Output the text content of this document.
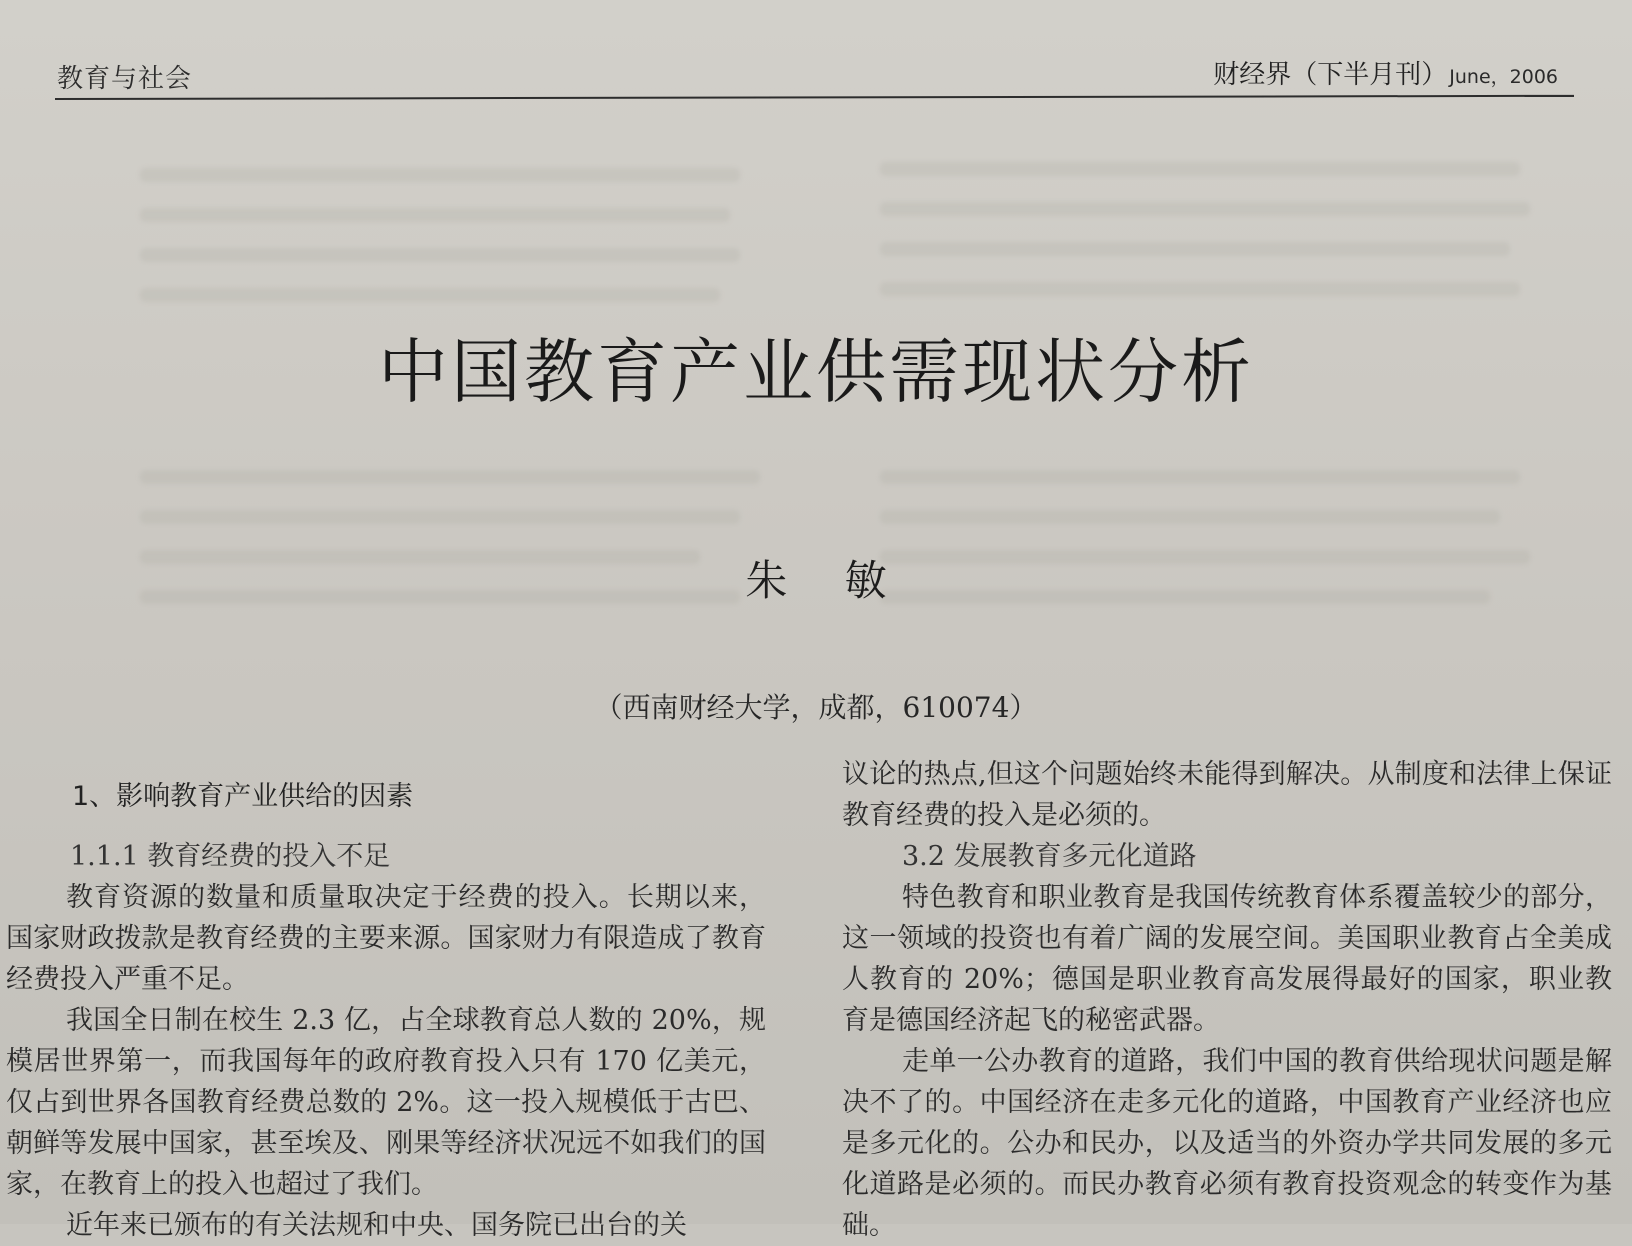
教育与社会	财经界（下半月刊） June，2006
中国教育产业供需现状分析
朱 敏
（西南财经大学，成都，610074）

1、影响教育产业供给的因素

1.1.1 教育经费的投入不足

教育资源的数量和质量取决定于经费的投入。长期以来，国家财政拨款是教育经费的主要来源。国家财力有限造成了教育经费投入严重不足。

我国全日制在校生 2.3 亿，占全球教育总人数的 20%，规模居世界第一，而我国每年的政府教育投入只有 170 亿美元，仅占到世界各国教育经费总数的 2%。这一投入规模低于古巴、朝鲜等发展中国家，甚至埃及、刚果等经济状况远不如我们的国家，在教育上的投入也超过了我们。

近年来已颁布的有关法规和中央、国务院已出台的关

议论的热点,但这个问题始终未能得到解决。从制度和法律上保证教育经费的投入是必须的。

3.2 发展教育多元化道路

特色教育和职业教育是我国传统教育体系覆盖较少的部分，这一领域的投资也有着广阔的发展空间。美国职业教育占全美成人教育的 20%；德国是职业教育高发展得最好的国家，职业教育是德国经济起飞的秘密武器。

走单一公办教育的道路，我们中国的教育供给现状问题是解决不了的。中国经济在走多元化的道路，中国教育产业经济也应是多元化的。公办和民办，以及适当的外资办学共同发展的多元化道路是必须的。而民办教育必须有教育投资观念的转变作为基础。
